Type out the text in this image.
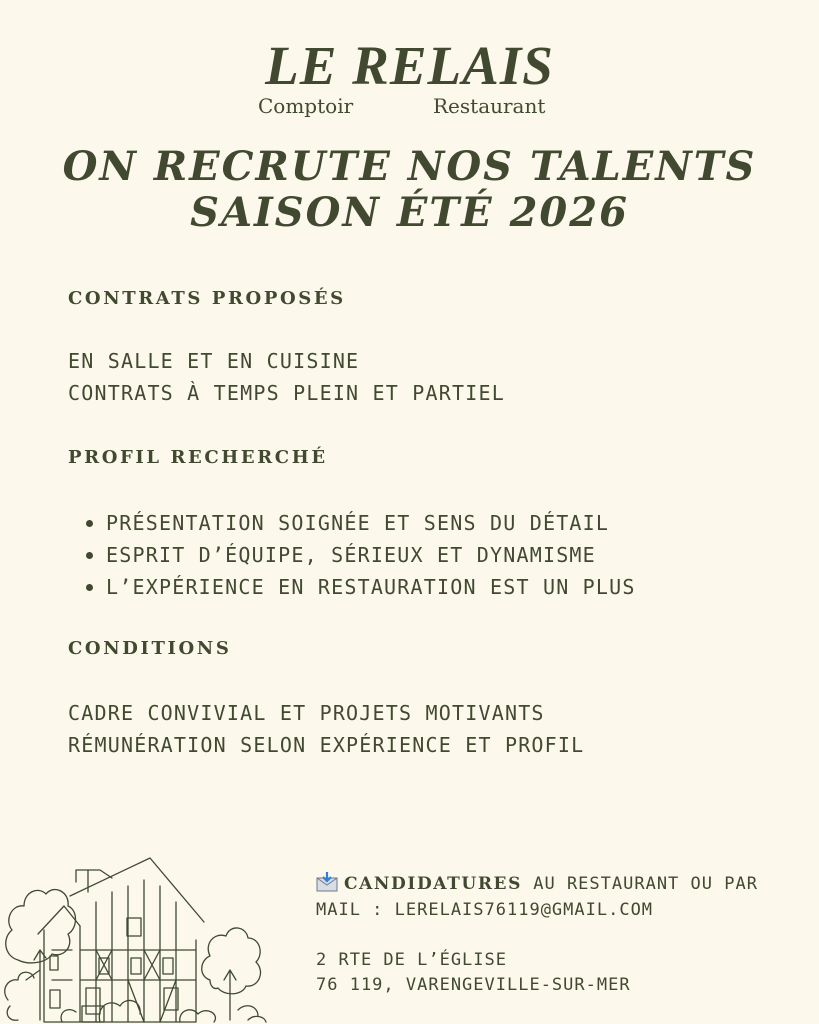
LE RELAIS
Comptoir	Restaurant
ON RECRUTE NOS TALENTS
SAISON ÉTÉ 2026
CONTRATS PROPOSÉS
EN SALLE ET EN CUISINE
CONTRATS À TEMPS PLEIN ET PARTIEL
PROFIL RECHERCHÉ
PRÉSENTATION SOIGNÉE ET SENS DU DÉTAIL
ESPRIT D’ÉQUIPE, SÉRIEUX ET DYNAMISME
L’EXPÉRIENCE EN RESTAURATION EST UN PLUS
CONDITIONS
CADRE CONVIVIAL ET PROJETS MOTIVANTS
RÉMUNÉRATION SELON EXPÉRIENCE ET PROFIL
CANDIDATURES AU RESTAURANT OU PAR
MAIL : LERELAIS76119@GMAIL.COM
2 RTE DE L’ÉGLISE
76 119, VARENGEVILLE-SUR-MER
